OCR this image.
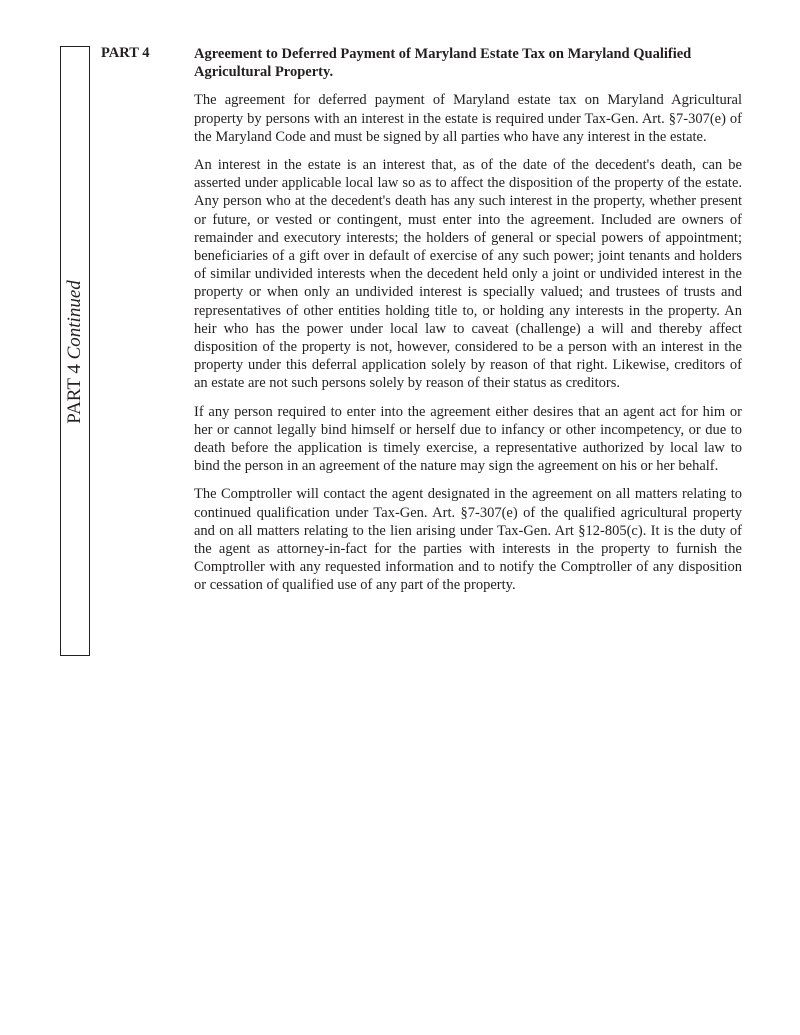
PART 4 Continued
PART 4	Agreement to Deferred Payment of Maryland Estate Tax on Maryland Qualified Agricultural Property.

The agreement for deferred payment of Maryland estate tax on Maryland Agricultural property by persons with an interest in the estate is required under Tax-Gen. Art. §7-307(e) of the Maryland Code and must be signed by all parties who have any interest in the estate.

An interest in the estate is an interest that, as of the date of the decedent's death, can be asserted under applicable local law so as to affect the disposition of the property of the estate. Any person who at the decedent's death has any such interest in the property, whether present or future, or vested or contingent, must enter into the agreement. Included are owners of remainder and executory interests; the holders of general or special powers of appointment; beneficiaries of a gift over in default of exercise of any such power; joint tenants and holders of similar undivided interests when the decedent held only a joint or undivided interest in the property or when only an undivided interest is specially valued; and trustees of trusts and representatives of other entities holding title to, or holding any interests in the property. An heir who has the power under local law to caveat (challenge) a will and thereby affect disposition of the property is not, however, considered to be a person with an interest in the property under this deferral application solely by reason of that right. Likewise, creditors of an estate are not such persons solely by reason of their status as creditors.

If any person required to enter into the agreement either desires that an agent act for him or her or cannot legally bind himself or herself due to infancy or other incompetency, or due to death before the application is timely exercise, a representative authorized by local law to bind the person in an agreement of the nature may sign the agreement on his or her behalf.

The Comptroller will contact the agent designated in the agreement on all matters relating to continued qualification under Tax-Gen. Art. §7-307(e) of the qualified agricultural property and on all matters relating to the lien arising under Tax-Gen. Art §12-805(c). It is the duty of the agent as attorney-in-fact for the parties with interests in the property to furnish the Comptroller with any requested information and to notify the Comptroller of any disposition or cessation of qualified use of any part of the property.
